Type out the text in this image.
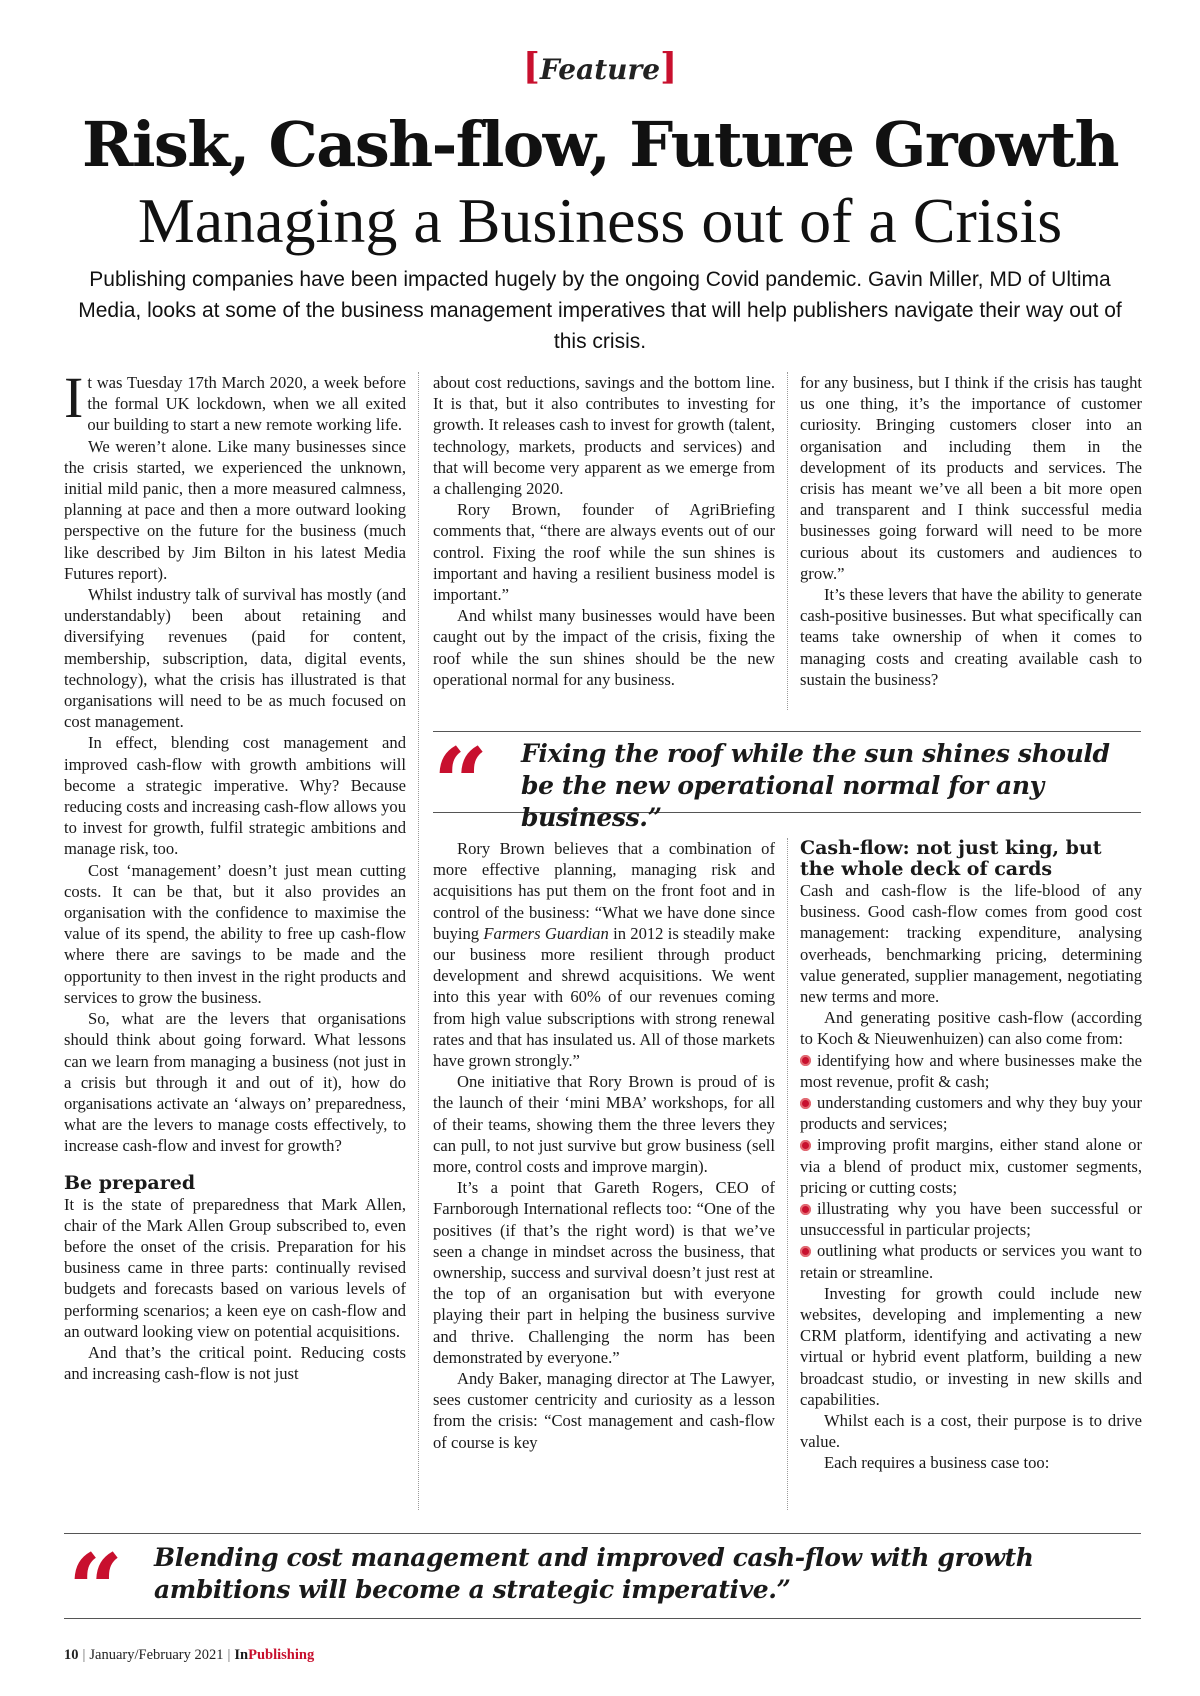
[Feature]
Risk, Cash-flow, Future Growth
Managing a Business out of a Crisis
Publishing companies have been impacted hugely by the ongoing Covid pandemic. Gavin Miller, MD of Ultima Media, looks at some of the business management imperatives that will help publishers navigate their way out of this crisis.

It was Tuesday 17th March 2020, a week before the formal UK lockdown, when we all exited our building to start a new remote working life.

We weren’t alone. Like many businesses since the crisis started, we experienced the unknown, initial mild panic, then a more measured calmness, planning at pace and then a more outward looking perspective on the future for the business (much like described by Jim Bilton in his latest Media Futures report).

Whilst industry talk of survival has mostly (and understandably) been about retaining and diversifying revenues (paid for content, membership, subscription, data, digital events, technology), what the crisis has illustrated is that organisations will need to be as much focused on cost management.

In effect, blending cost management and improved cash-flow with growth ambitions will become a strategic imperative. Why? Because reducing costs and increasing cash-flow allows you to invest for growth, fulfil strategic ambitions and manage risk, too.

Cost ‘management’ doesn’t just mean cutting costs. It can be that, but it also provides an organisation with the confidence to maximise the value of its spend, the ability to free up cash-flow where there are savings to be made and the opportunity to then invest in the right products and services to grow the business.

So, what are the levers that organisations should think about going forward. What lessons can we learn from managing a business (not just in a crisis but through it and out of it), how do organisations activate an ‘always on’ preparedness, what are the levers to manage costs effectively, to increase cash-flow and invest for growth?

Be prepared

It is the state of preparedness that Mark Allen, chair of the Mark Allen Group subscribed to, even before the onset of the crisis. Preparation for his business came in three parts: continually revised budgets and forecasts based on various levels of performing scenarios; a keen eye on cash-flow and an outward looking view on potential acquisitions.

And that’s the critical point. Reducing costs and increasing cash-flow is not just

about cost reductions, savings and the bottom line. It is that, but it also contributes to investing for growth. It releases cash to invest for growth (talent, technology, markets, products and services) and that will become very apparent as we emerge from a challenging 2020.

Rory Brown, founder of AgriBriefing comments that, “there are always events out of our control. Fixing the roof while the sun shines is important and having a resilient business model is important.”

And whilst many businesses would have been caught out by the impact of the crisis, fixing the roof while the sun shines should be the new operational normal for any business.

for any business, but I think if the crisis has taught us one thing, it’s the importance of customer curiosity. Bringing customers closer into an organisation and including them in the development of its products and services. The crisis has meant we’ve all been a bit more open and transparent and I think successful media businesses going forward will need to be more curious about its customers and audiences to grow.”

It’s these levers that have the ability to generate cash-positive businesses. But what specifically can teams take ownership of when it comes to managing costs and creating available cash to sustain the business?

“ Fixing the roof while the sun shines should be the new operational normal for any business.”

Rory Brown believes that a combination of more effective planning, managing risk and acquisitions has put them on the front foot and in control of the business: “What we have done since buying Farmers Guardian in 2012 is steadily make our business more resilient through product development and shrewd acquisitions. We went into this year with 60% of our revenues coming from high value subscriptions with strong renewal rates and that has insulated us. All of those markets have grown strongly.”

One initiative that Rory Brown is proud of is the launch of their ‘mini MBA’ workshops, for all of their teams, showing them the three levers they can pull, to not just survive but grow business (sell more, control costs and improve margin).

It’s a point that Gareth Rogers, CEO of Farnborough International reflects too: “One of the positives (if that’s the right word) is that we’ve seen a change in mindset across the business, that ownership, success and survival doesn’t just rest at the top of an organisation but with everyone playing their part in helping the business survive and thrive. Challenging the norm has been demonstrated by everyone.”

Andy Baker, managing director at The Lawyer, sees customer centricity and curiosity as a lesson from the crisis: “Cost management and cash-flow of course is key

Cash-flow: not just king, but the whole deck of cards

Cash and cash-flow is the life-blood of any business. Good cash-flow comes from good cost management: tracking expenditure, analysing overheads, benchmarking pricing, determining value generated, supplier management, negotiating new terms and more.

And generating positive cash-flow (according to Koch & Nieuwenhuizen) can also come from:

identifying how and where businesses make the most revenue, profit & cash;

understanding customers and why they buy your products and services;

improving profit margins, either stand alone or via a blend of product mix, customer segments, pricing or cutting costs;

illustrating why you have been successful or unsuccessful in particular projects;

outlining what products or services you want to retain or streamline.

Investing for growth could include new websites, developing and implementing a new CRM platform, identifying and activating a new virtual or hybrid event platform, building a new broadcast studio, or investing in new skills and capabilities.

Whilst each is a cost, their purpose is to drive value.

Each requires a business case too:

“ Blending cost management and improved cash-flow with growth ambitions will become a strategic imperative.”
10 | January/February 2021 | InPublishing
